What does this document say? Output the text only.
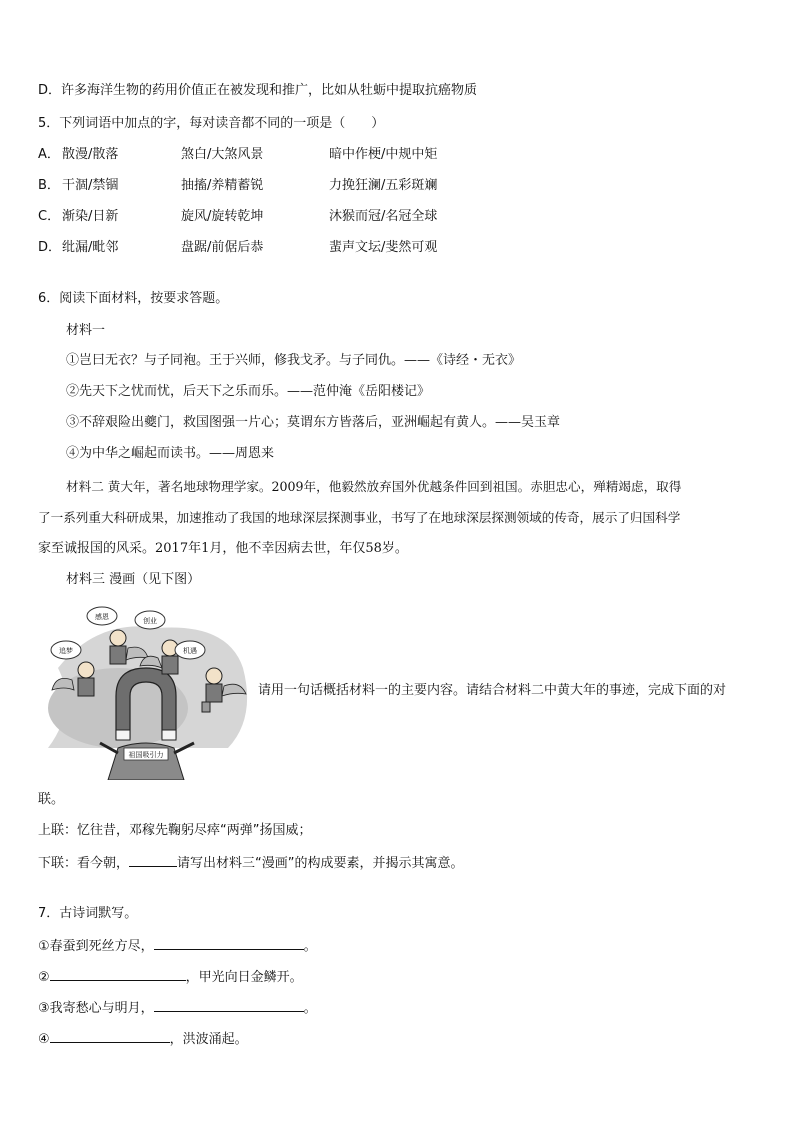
D．许多海洋生物的药用价值正在被发现和推广，比如从牡蛎中提取抗癌物质
5．下列词语中加点的字，每对读音都不同的一项是（　　）
A． 散漫/散落	煞白/大煞风景	暗中作梗/中规中矩
B． 干涸/禁锢	抽搐/养精蓄锐	力挽狂澜/五彩斑斓
C． 渐染/日新	旋风/旋转乾坤	沐猴而冠/名冠全球
D． 纰漏/毗邻	盘踞/前倨后恭	蜚声文坛/斐然可观
6．阅读下面材料，按要求答题。
材料一
①岂曰无衣？与子同袍。王于兴师，修我戈矛。与子同仇。——《诗经・无衣》
②先天下之忧而忧，后天下之乐而乐。——范仲淹《岳阳楼记》
③不辞艰险出夔门，救国图强一片心；莫谓东方皆落后，亚洲崛起有黄人。——吴玉章
④为中华之崛起而读书。——周恩来
材料二 黄大年，著名地球物理学家。2009年，他毅然放弃国外优越条件回到祖国。赤胆忠心，殚精竭虑，取得
了一系列重大科研成果，加速推动了我国的地球深层探测事业，书写了在地球深层探测领域的传奇，展示了归国科学
家至诚报国的风采。2017年1月，他不幸因病去世，年仅58岁。
材料三 漫画（见下图）
祖国吸引力
追梦
感恩	创业
机遇
请用一句话概括材料一的主要内容。请结合材料二中黄大年的事迹，完成下面的对
联。
上联：忆往昔，邓稼先鞠躬尽瘁“两弹”扬国威；
下联：看今朝，	请写出材料三“漫画”的构成要素，并揭示其寓意。
7．古诗词默写。
①春蚕到死丝方尽，	。
②	，甲光向日金鳞开。
③我寄愁心与明月，	。
④	，洪波涌起。
